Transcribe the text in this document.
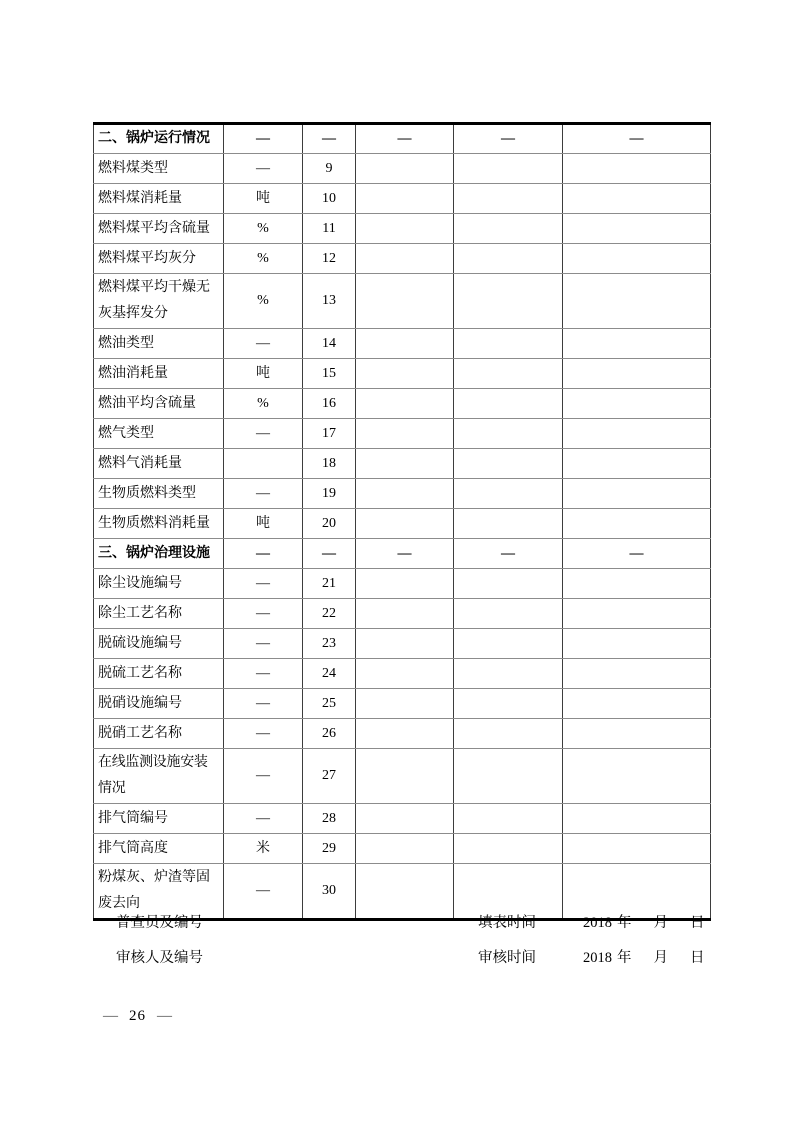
二、锅炉运行情况	—	—	—	—	—
燃料煤类型	—	9			
燃料煤消耗量	吨	10			
燃料煤平均含硫量	%	11			
燃料煤平均灰分	%	12			
燃料煤平均干燥无灰基挥发分	%	13			
燃油类型	—	14			
燃油消耗量	吨	15			
燃油平均含硫量	%	16			
燃气类型	—	17			
燃料气消耗量		18			
生物质燃料类型	—	19			
生物质燃料消耗量	吨	20			
三、锅炉治理设施	—	—	—	—	—
除尘设施编号	—	21			
除尘工艺名称	—	22			
脱硫设施编号	—	23			
脱硫工艺名称	—	24			
脱硝设施编号	—	25			
脱硝工艺名称	—	26			
在线监测设施安装情况	—	27			
排气筒编号	—	28			
排气筒高度	米	29			
粉煤灰、炉渣等固废去向	—	30			
普查员及编号	填表时间	2018 年 月 日
审核人及编号	审核时间	2018 年 月 日
— 26 —
